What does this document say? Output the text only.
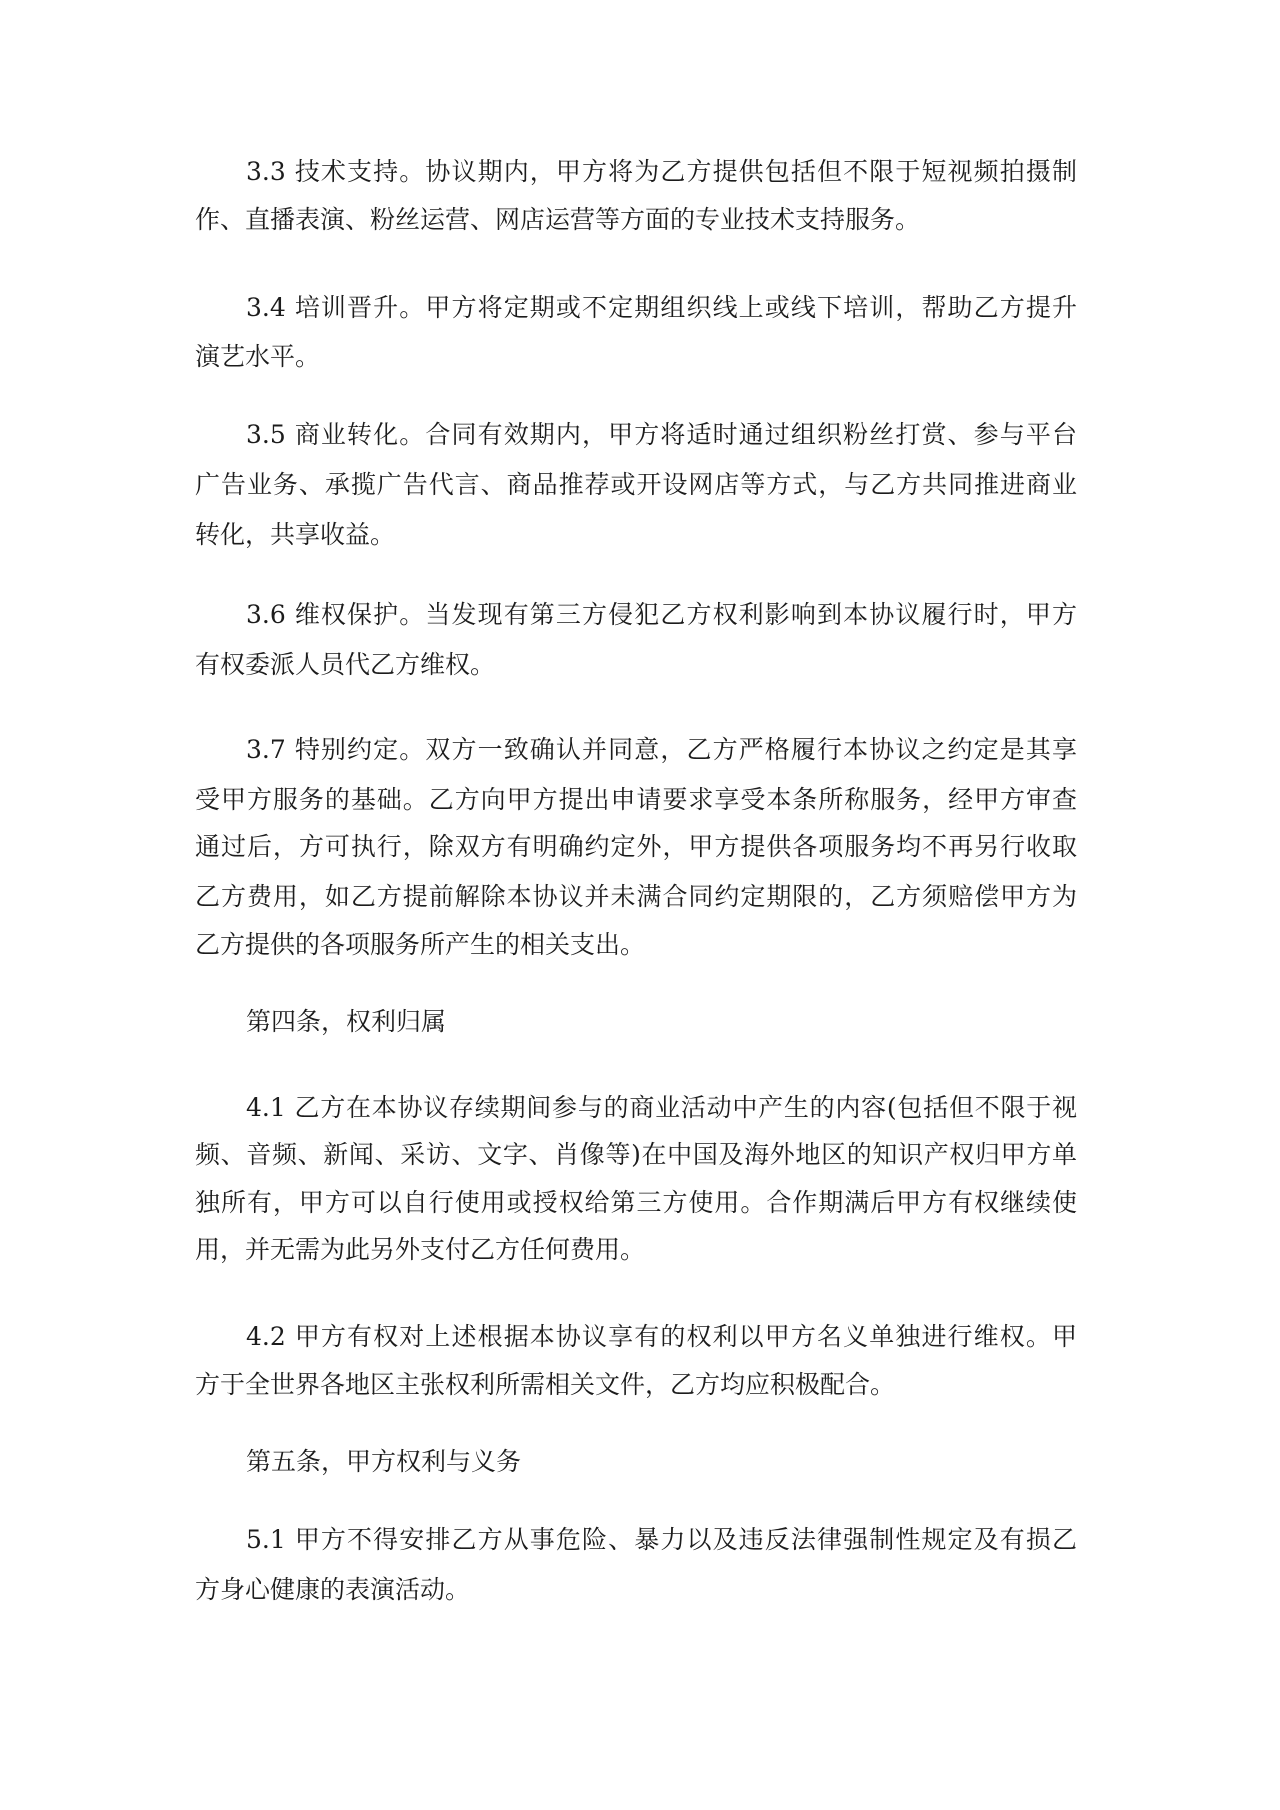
3.3 技术支持。协议期内，甲方将为乙方提供包括但不限于短视频拍摄制
作、直播表演、粉丝运营、网店运营等方面的专业技术支持服务。
3.4 培训晋升。甲方将定期或不定期组织线上或线下培训，帮助乙方提升
演艺水平。
3.5 商业转化。合同有效期内，甲方将适时通过组织粉丝打赏、参与平台
广告业务、承揽广告代言、商品推荐或开设网店等方式，与乙方共同推进商业
转化，共享收益。
3.6 维权保护。当发现有第三方侵犯乙方权利影响到本协议履行时，甲方
有权委派人员代乙方维权。
3.7 特别约定。双方一致确认并同意，乙方严格履行本协议之约定是其享
受甲方服务的基础。乙方向甲方提出申请要求享受本条所称服务，经甲方审查
通过后，方可执行，除双方有明确约定外，甲方提供各项服务均不再另行收取
乙方费用，如乙方提前解除本协议并未满合同约定期限的，乙方须赔偿甲方为
乙方提供的各项服务所产生的相关支出。
第四条，权利归属
4.1 乙方在本协议存续期间参与的商业活动中产生的内容(包括但不限于视
频、音频、新闻、采访、文字、肖像等)在中国及海外地区的知识产权归甲方单
独所有，甲方可以自行使用或授权给第三方使用。合作期满后甲方有权继续使
用，并无需为此另外支付乙方任何费用。
4.2 甲方有权对上述根据本协议享有的权利以甲方名义单独进行维权。甲
方于全世界各地区主张权利所需相关文件，乙方均应积极配合。
第五条，甲方权利与义务
5.1 甲方不得安排乙方从事危险、暴力以及违反法律强制性规定及有损乙
方身心健康的表演活动。
